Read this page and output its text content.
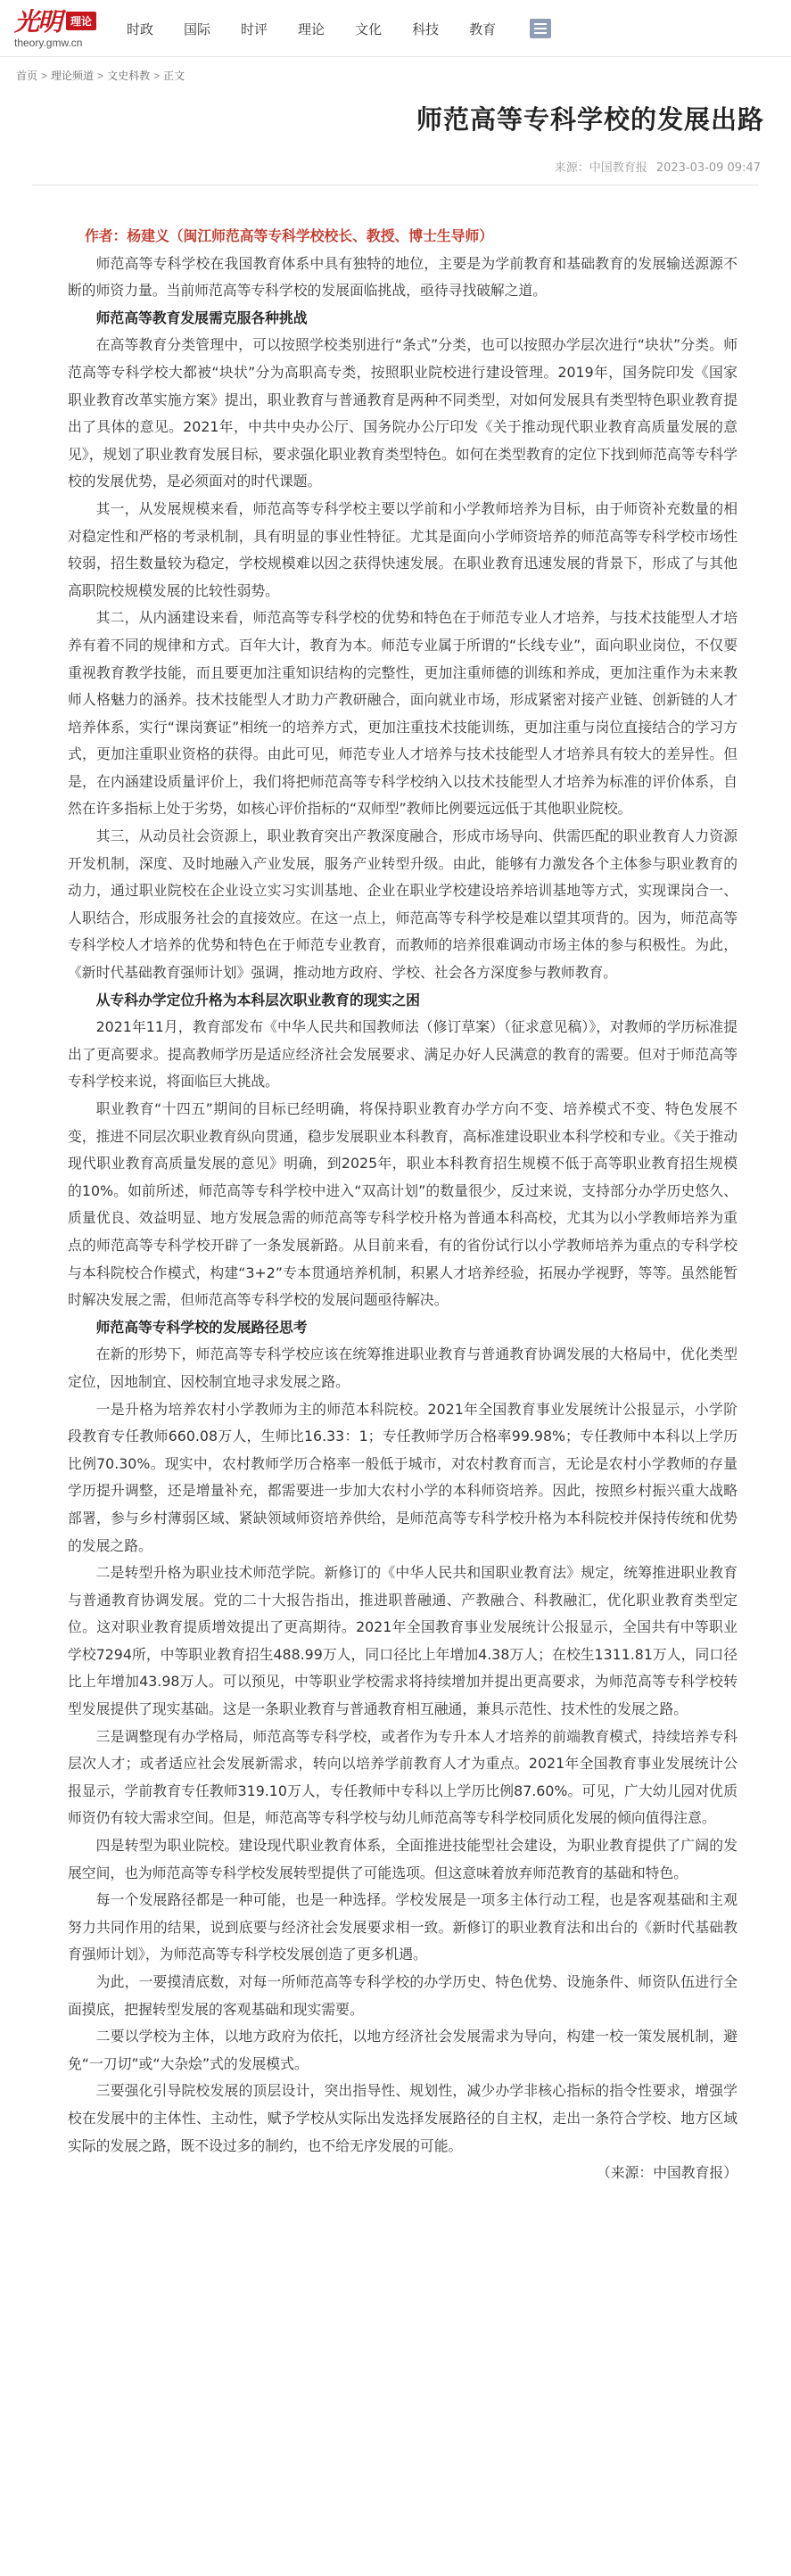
光明 理论
theory.gmw.cn
时政 国际 时评 理论 文化 科技 教育
首页 > 理论频道 > 文史科教 > 正文
师范高等专科学校的发展出路
来源：中国教育报 2023-03-09 09:47

作者：杨建义（闽江师范高等专科学校校长、教授、博士生导师）

师范高等专科学校在我国教育体系中具有独特的地位，主要是为学前教育和基础教育的发展输送源源不断的师资力量。当前师范高等专科学校的发展面临挑战，亟待寻找破解之道。

师范高等教育发展需克服各种挑战

在高等教育分类管理中，可以按照学校类别进行“条式”分类，也可以按照办学层次进行“块状”分类。师范高等专科学校大都被“块状”分为高职高专类，按照职业院校进行建设管理。2019年，国务院印发《国家职业教育改革实施方案》提出，职业教育与普通教育是两种不同类型，对如何发展具有类型特色职业教育提出了具体的意见。2021年，中共中央办公厅、国务院办公厅印发《关于推动现代职业教育高质量发展的意见》，规划了职业教育发展目标，要求强化职业教育类型特色。如何在类型教育的定位下找到师范高等专科学校的发展优势，是必须面对的时代课题。

其一，从发展规模来看，师范高等专科学校主要以学前和小学教师培养为目标，由于师资补充数量的相对稳定性和严格的考录机制，具有明显的事业性特征。尤其是面向小学师资培养的师范高等专科学校市场性较弱，招生数量较为稳定，学校规模难以因之获得快速发展。在职业教育迅速发展的背景下，形成了与其他高职院校规模发展的比较性弱势。

其二，从内涵建设来看，师范高等专科学校的优势和特色在于师范专业人才培养，与技术技能型人才培养有着不同的规律和方式。百年大计，教育为本。师范专业属于所谓的“长线专业”，面向职业岗位，不仅要重视教育教学技能，而且要更加注重知识结构的完整性，更加注重师德的训练和养成，更加注重作为未来教师人格魅力的涵养。技术技能型人才助力产教研融合，面向就业市场，形成紧密对接产业链、创新链的人才培养体系，实行“课岗赛证”相统一的培养方式，更加注重技术技能训练，更加注重与岗位直接结合的学习方式，更加注重职业资格的获得。由此可见，师范专业人才培养与技术技能型人才培养具有较大的差异性。但是，在内涵建设质量评价上，我们将把师范高等专科学校纳入以技术技能型人才培养为标准的评价体系，自然在许多指标上处于劣势，如核心评价指标的“双师型”教师比例要远远低于其他职业院校。

其三，从动员社会资源上，职业教育突出产教深度融合，形成市场导向、供需匹配的职业教育人力资源开发机制，深度、及时地融入产业发展，服务产业转型升级。由此，能够有力激发各个主体参与职业教育的动力，通过职业院校在企业设立实习实训基地、企业在职业学校建设培养培训基地等方式，实现课岗合一、人职结合，形成服务社会的直接效应。在这一点上，师范高等专科学校是难以望其项背的。因为，师范高等专科学校人才培养的优势和特色在于师范专业教育，而教师的培养很难调动市场主体的参与积极性。为此，《新时代基础教育强师计划》强调，推动地方政府、学校、社会各方深度参与教师教育。

从专科办学定位升格为本科层次职业教育的现实之困

2021年11月，教育部发布《中华人民共和国教师法（修订草案）（征求意见稿）》，对教师的学历标准提出了更高要求。提高教师学历是适应经济社会发展要求、满足办好人民满意的教育的需要。但对于师范高等专科学校来说，将面临巨大挑战。

职业教育“十四五”期间的目标已经明确，将保持职业教育办学方向不变、培养模式不变、特色发展不变，推进不同层次职业教育纵向贯通，稳步发展职业本科教育，高标准建设职业本科学校和专业。《关于推动现代职业教育高质量发展的意见》明确，到2025年，职业本科教育招生规模不低于高等职业教育招生规模的10%。如前所述，师范高等专科学校中进入“双高计划”的数量很少，反过来说，支持部分办学历史悠久、质量优良、效益明显、地方发展急需的师范高等专科学校升格为普通本科高校，尤其为以小学教师培养为重点的师范高等专科学校开辟了一条发展新路。从目前来看，有的省份试行以小学教师培养为重点的专科学校与本科院校合作模式，构建“3+2”专本贯通培养机制，积累人才培养经验，拓展办学视野，等等。虽然能暂时解决发展之需，但师范高等专科学校的发展问题亟待解决。

师范高等专科学校的发展路径思考

在新的形势下，师范高等专科学校应该在统筹推进职业教育与普通教育协调发展的大格局中，优化类型定位，因地制宜、因校制宜地寻求发展之路。

一是升格为培养农村小学教师为主的师范本科院校。2021年全国教育事业发展统计公报显示，小学阶段教育专任教师660.08万人，生师比16.33：1；专任教师学历合格率99.98%；专任教师中本科以上学历比例70.30%。现实中，农村教师学历合格率一般低于城市，对农村教育而言，无论是农村小学教师的存量学历提升调整，还是增量补充，都需要进一步加大农村小学的本科师资培养。因此，按照乡村振兴重大战略部署，参与乡村薄弱区域、紧缺领域师资培养供给，是师范高等专科学校升格为本科院校并保持传统和优势的发展之路。

二是转型升格为职业技术师范学院。新修订的《中华人民共和国职业教育法》规定，统筹推进职业教育与普通教育协调发展。党的二十大报告指出，推进职普融通、产教融合、科教融汇，优化职业教育类型定位。这对职业教育提质增效提出了更高期待。2021年全国教育事业发展统计公报显示，全国共有中等职业学校7294所，中等职业教育招生488.99万人，同口径比上年增加4.38万人；在校生1311.81万人，同口径比上年增加43.98万人。可以预见，中等职业学校需求将持续增加并提出更高要求，为师范高等专科学校转型发展提供了现实基础。这是一条职业教育与普通教育相互融通，兼具示范性、技术性的发展之路。

三是调整现有办学格局，师范高等专科学校，或者作为专升本人才培养的前端教育模式，持续培养专科层次人才；或者适应社会发展新需求，转向以培养学前教育人才为重点。2021年全国教育事业发展统计公报显示，学前教育专任教师319.10万人，专任教师中专科以上学历比例87.60%。可见，广大幼儿园对优质师资仍有较大需求空间。但是，师范高等专科学校与幼儿师范高等专科学校同质化发展的倾向值得注意。

四是转型为职业院校。建设现代职业教育体系，全面推进技能型社会建设，为职业教育提供了广阔的发展空间，也为师范高等专科学校发展转型提供了可能选项。但这意味着放弃师范教育的基础和特色。

每一个发展路径都是一种可能，也是一种选择。学校发展是一项多主体行动工程，也是客观基础和主观努力共同作用的结果，说到底要与经济社会发展要求相一致。新修订的职业教育法和出台的《新时代基础教育强师计划》，为师范高等专科学校发展创造了更多机遇。

为此，一要摸清底数，对每一所师范高等专科学校的办学历史、特色优势、设施条件、师资队伍进行全面摸底，把握转型发展的客观基础和现实需要。

二要以学校为主体，以地方政府为依托，以地方经济社会发展需求为导向，构建一校一策发展机制，避免“一刀切”或“大杂烩”式的发展模式。

三要强化引导院校发展的顶层设计，突出指导性、规划性，减少办学非核心指标的指令性要求，增强学校在发展中的主体性、主动性，赋予学校从实际出发选择发展路径的自主权，走出一条符合学校、地方区域实际的发展之路，既不设过多的制约，也不给无序发展的可能。

（来源：中国教育报）
